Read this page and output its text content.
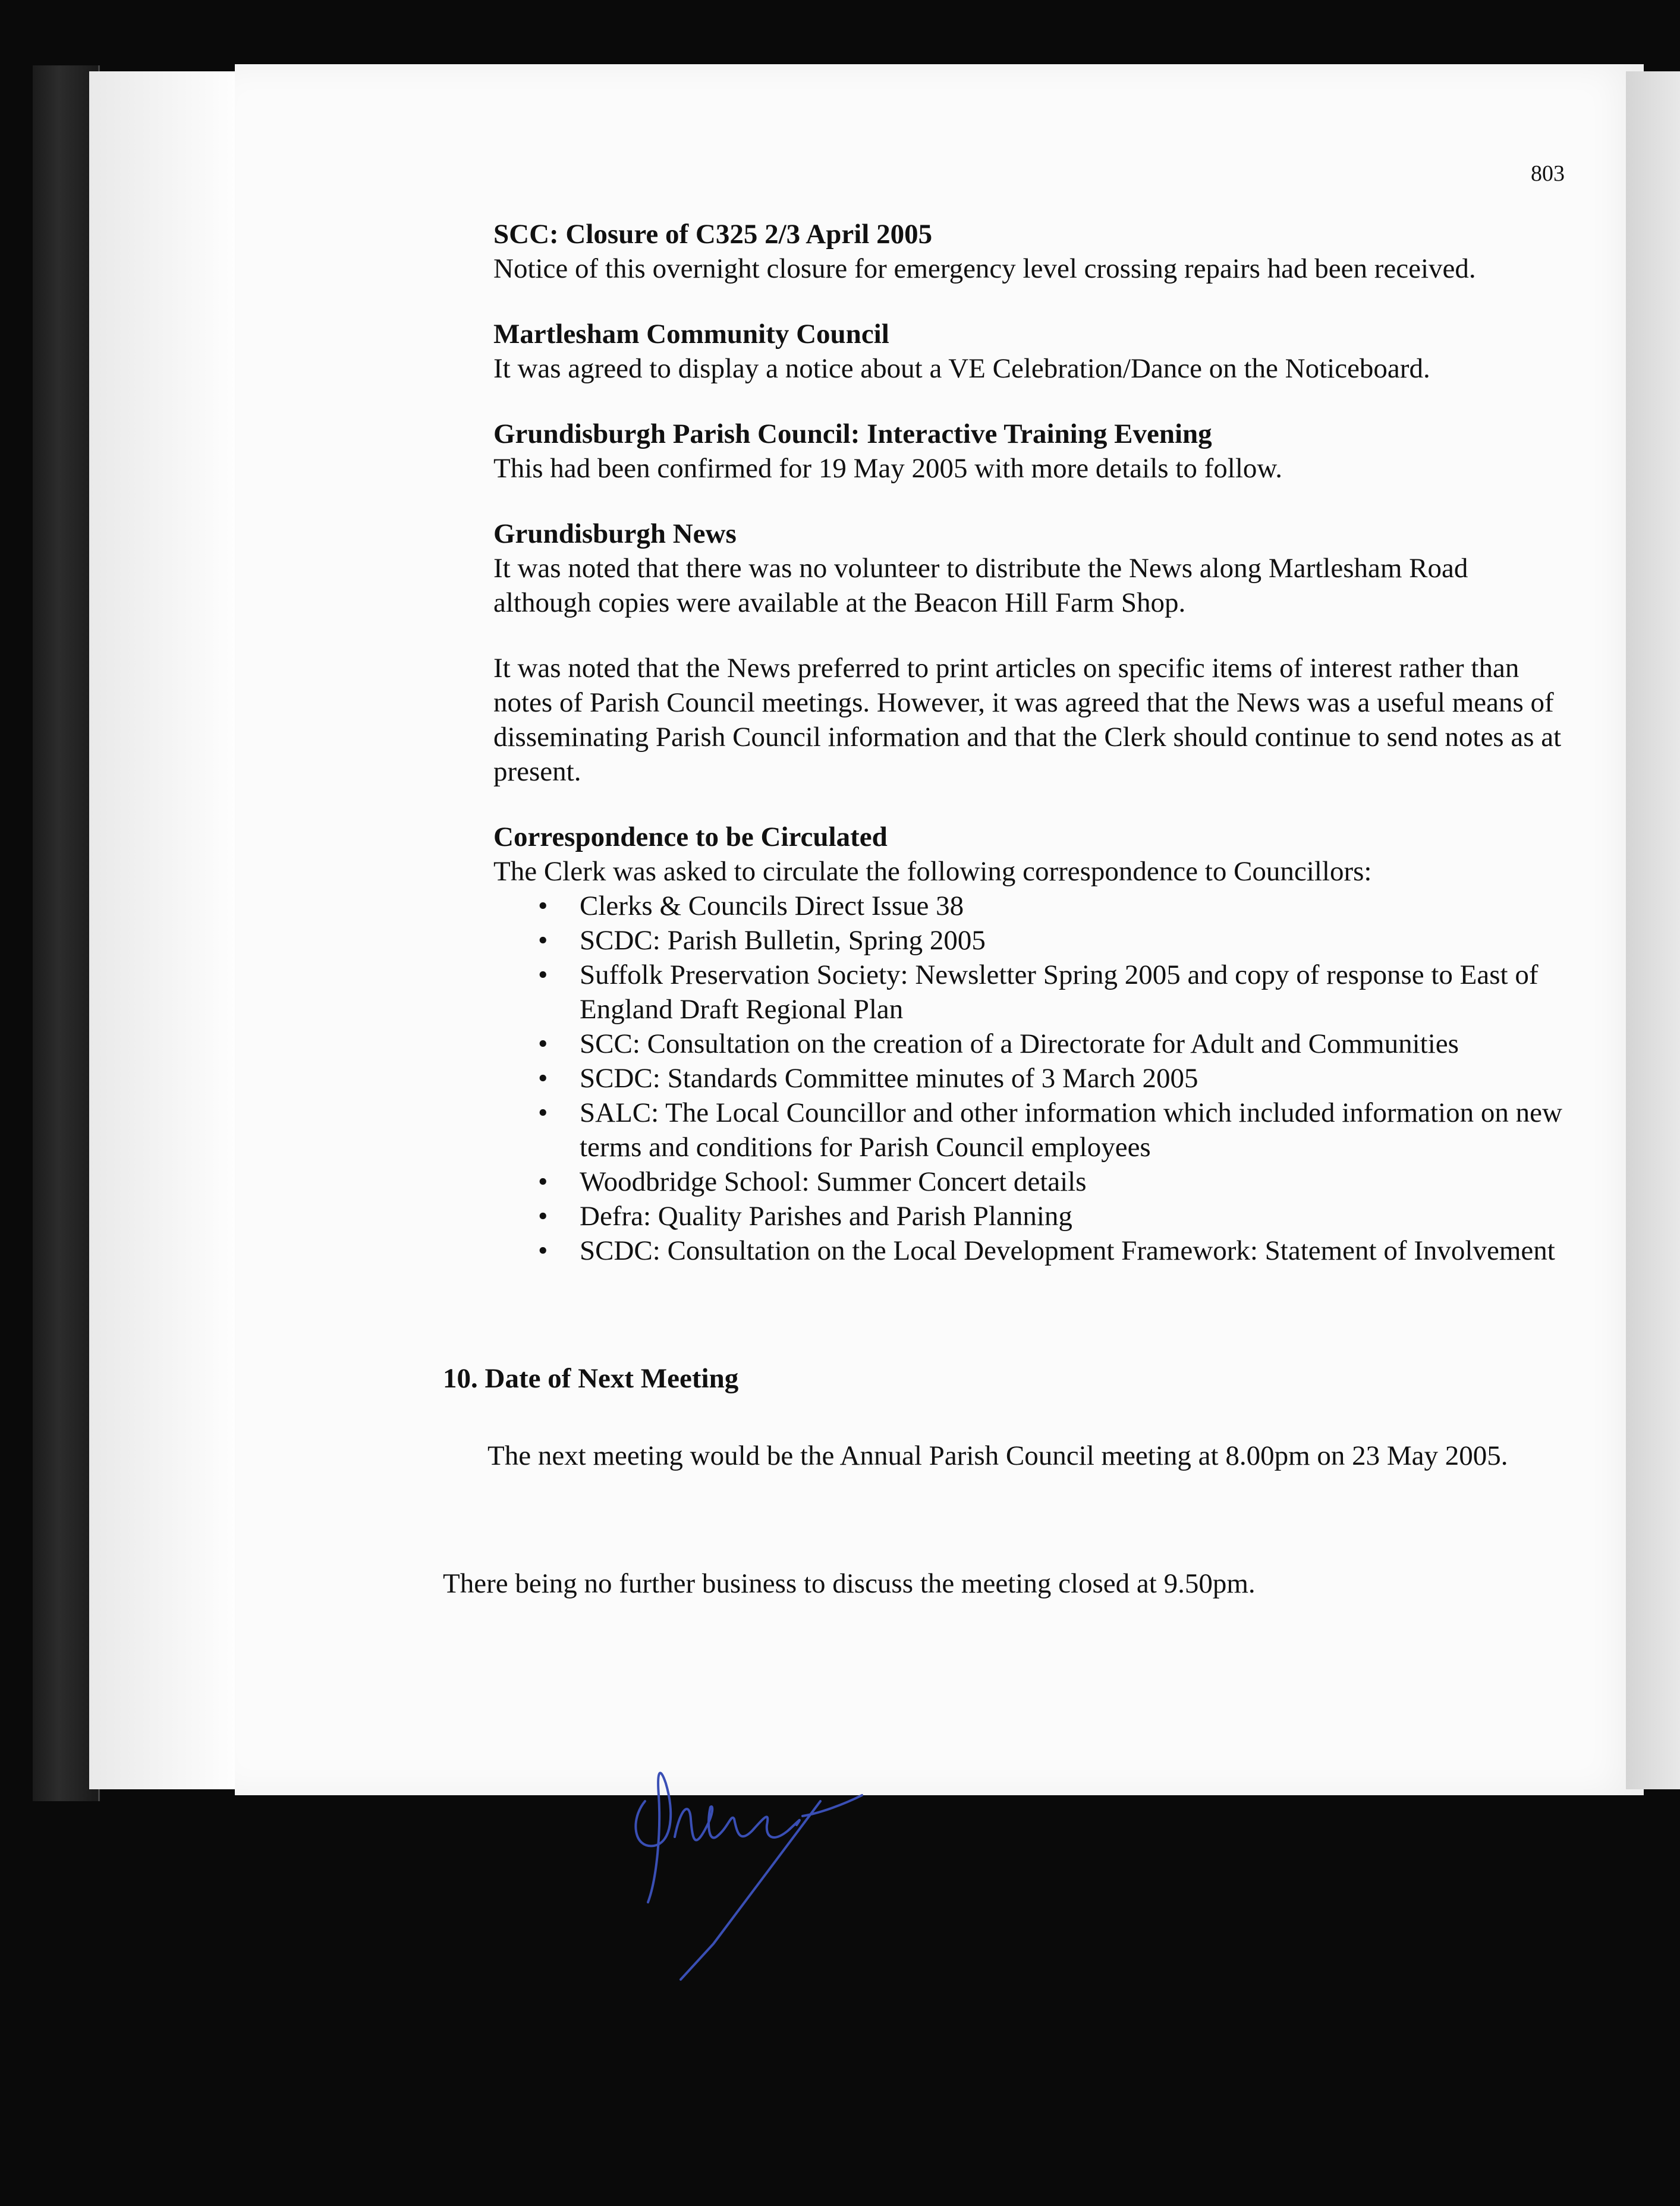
803
SCC: Closure of C325 2/3 April 2005

Notice of this overnight closure for emergency level crossing repairs had been received.

Martlesham Community Council

It was agreed to display a notice about a VE Celebration/Dance on the Noticeboard.

Grundisburgh Parish Council: Interactive Training Evening

This had been confirmed for 19 May 2005 with more details to follow.

Grundisburgh News

It was noted that there was no volunteer to distribute the News along Martlesham Road although copies were available at the Beacon Hill Farm Shop.

It was noted that the News preferred to print articles on specific items of interest rather than notes of Parish Council meetings. However, it was agreed that the News was a useful means of disseminating Parish Council information and that the Clerk should continue to send notes as at present.

Correspondence to be Circulated

The Clerk was asked to circulate the following correspondence to Councillors:

• Clerks & Councils Direct Issue 38
• SCDC: Parish Bulletin, Spring 2005
• Suffolk Preservation Society: Newsletter Spring 2005 and copy of response to East of England Draft Regional Plan
• SCC: Consultation on the creation of a Directorate for Adult and Communities
• SCDC: Standards Committee minutes of 3 March 2005
• SALC: The Local Councillor and other information which included information on new terms and conditions for Parish Council employees
• Woodbridge School: Summer Concert details
• Defra: Quality Parishes and Parish Planning
• SCDC: Consultation on the Local Development Framework: Statement of Involvement
10. Date of Next Meeting

The next meeting would be the Annual Parish Council meeting at 8.00pm on 23 May 2005.

There being no further business to discuss the meeting closed at 9.50pm.
